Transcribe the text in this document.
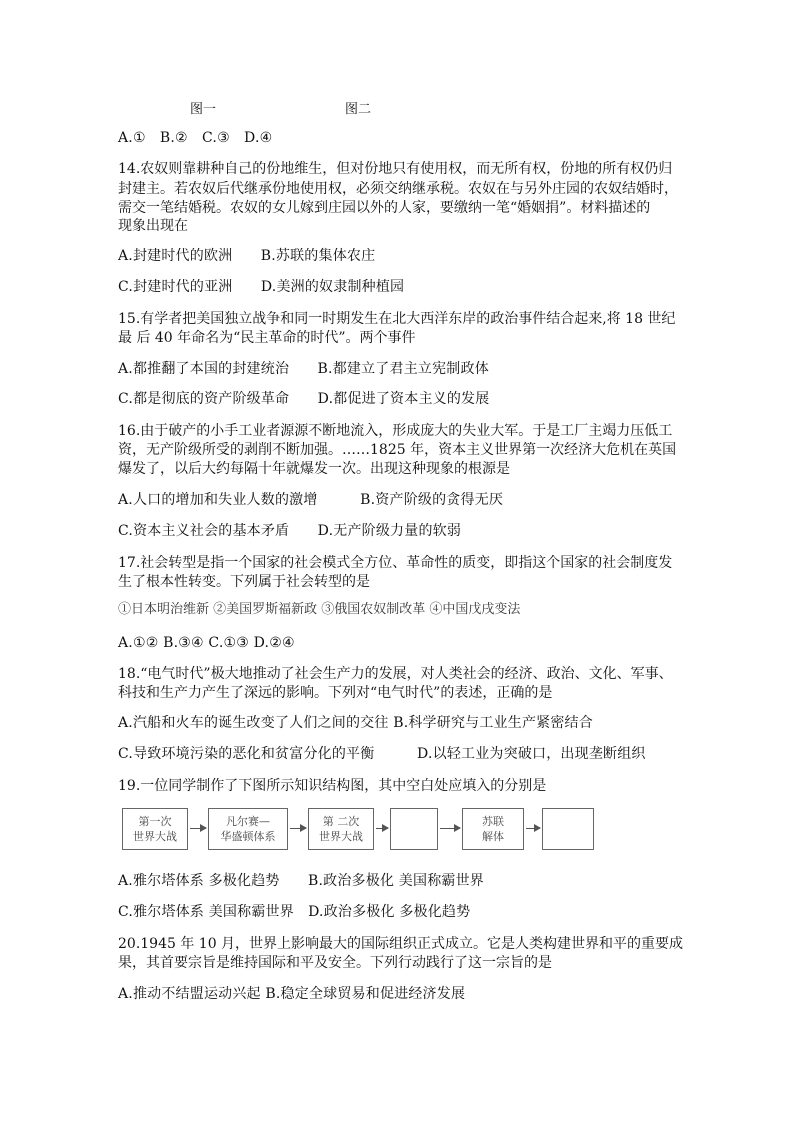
图一	图二
A.①　B.②　C.③　D.④
14.农奴则靠耕种自己的份地维生，但对份地只有使用权，而无所有权，份地的所有权仍归
封建主。若农奴后代继承份地使用权，必须交纳继承税。农奴在与另外庄园的农奴结婚时，
需交一笔结婚税。农奴的女儿嫁到庄园以外的人家，要缴纳一笔“婚姻捐”。材料描述的
现象出现在
A.封建时代的欧洲　　B.苏联的集体农庄
C.封建时代的亚洲　　D.美洲的奴隶制种植园
15.有学者把美国独立战争和同一时期发生在北大西洋东岸的政治事件结合起来,将 18 世纪
最 后 40 年命名为“民主革命的时代”。两个事件
A.都推翻了本国的封建统治　　B.都建立了君主立宪制政体
C.都是彻底的资产阶级革命　　D.都促进了资本主义的发展
16.由于破产的小手工业者源源不断地流入，形成庞大的失业大军。于是工厂主竭力压低工
资，无产阶级所受的剥削不断加强。……1825 年，资本主义世界第一次经济大危机在英国
爆发了，以后大约每隔十年就爆发一次。出现这种现象的根源是
A.人口的增加和失业人数的激增　　　B.资产阶级的贪得无厌
C.资本主义社会的基本矛盾　　D.无产阶级力量的软弱
17.社会转型是指一个国家的社会模式全方位、革命性的质变，即指这个国家的社会制度发
生了根本性转变。下列属于社会转型的是
①日本明治维新 ②美国罗斯福新政 ③俄国农奴制改革 ④中国戊戌变法
A.①② B.③④ C.①③ D.②④
18.“电气时代”极大地推动了社会生产力的发展，对人类社会的经济、政治、文化、军事、
科技和生产力产生了深远的影响。下列对“电气时代”的表述，正确的是
A.汽船和火车的诞生改变了人们之间的交往 B.科学研究与工业生产紧密结合
C.导致环境污染的恶化和贫富分化的平衡　　　D.以轻工业为突破口，出现垄断组织
19.一位同学制作了下图所示知识结构图，其中空白处应填入的分别是
第一次
世界大战
凡尔赛—
华盛顿体系
第 二次
世界大战
苏联
解体
A.雅尔塔体系 多极化趋势　　B.政治多极化 美国称霸世界
C.雅尔塔体系 美国称霸世界　D.政治多极化 多极化趋势
20.1945 年 10 月，世界上影响最大的国际组织正式成立。它是人类构建世界和平的重要成
果，其首要宗旨是维持国际和平及安全。下列行动践行了这一宗旨的是
A.推动不结盟运动兴起 B.稳定全球贸易和促进经济发展
